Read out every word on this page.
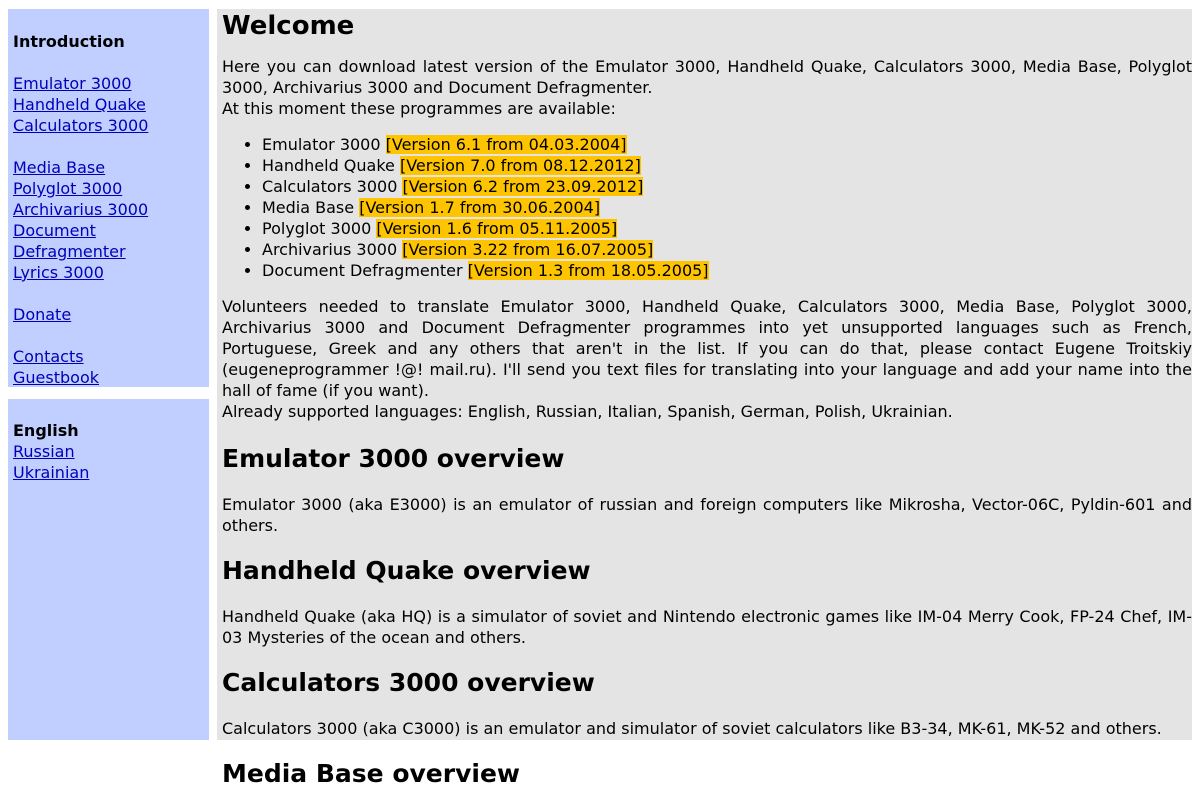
Introduction
Emulator 3000
Handheld Quake
Calculators 3000
Media Base
Polyglot 3000
Archivarius 3000
Document Defragmenter
Lyrics 3000
Donate
Contacts
Guestbook
English
Russian
Ukrainian
Welcome

Here you can download latest version of the Emulator 3000, Handheld Quake, Calculators 3000, Media Base, Polyglot 3000, Archivarius 3000 and Document Defragmenter.
At this moment these programmes are available:

• Emulator 3000 [Version 6.1 from 04.03.2004]
• Handheld Quake [Version 7.0 from 08.12.2012]
• Calculators 3000 [Version 6.2 from 23.09.2012]
• Media Base [Version 1.7 from 30.06.2004]
• Polyglot 3000 [Version 1.6 from 05.11.2005]
• Archivarius 3000 [Version 3.22 from 16.07.2005]
• Document Defragmenter [Version 1.3 from 18.05.2005]

Volunteers needed to translate Emulator 3000, Handheld Quake, Calculators 3000, Media Base, Polyglot 3000, Archivarius 3000 and Document Defragmenter programmes into yet unsupported languages such as French, Portuguese, Greek and any others that aren't in the list. If you can do that, please contact Eugene Troitskiy (eugeneprogrammer !@! mail.ru). I'll send you text files for translating into your language and add your name into the hall of fame (if you want).
Already supported languages: English, Russian, Italian, Spanish, German, Polish, Ukrainian.

Emulator 3000 overview

Emulator 3000 (aka E3000) is an emulator of russian and foreign computers like Mikrosha, Vector-06C, Pyldin-601 and others.

Handheld Quake overview

Handheld Quake (aka HQ) is a simulator of soviet and Nintendo electronic games like IM-04 Merry Cook, FP-24 Chef, IM-03 Mysteries of the ocean and others.

Calculators 3000 overview

Calculators 3000 (aka C3000) is an emulator and simulator of soviet calculators like B3-34, MK-61, MK-52 and others.

Media Base overview
